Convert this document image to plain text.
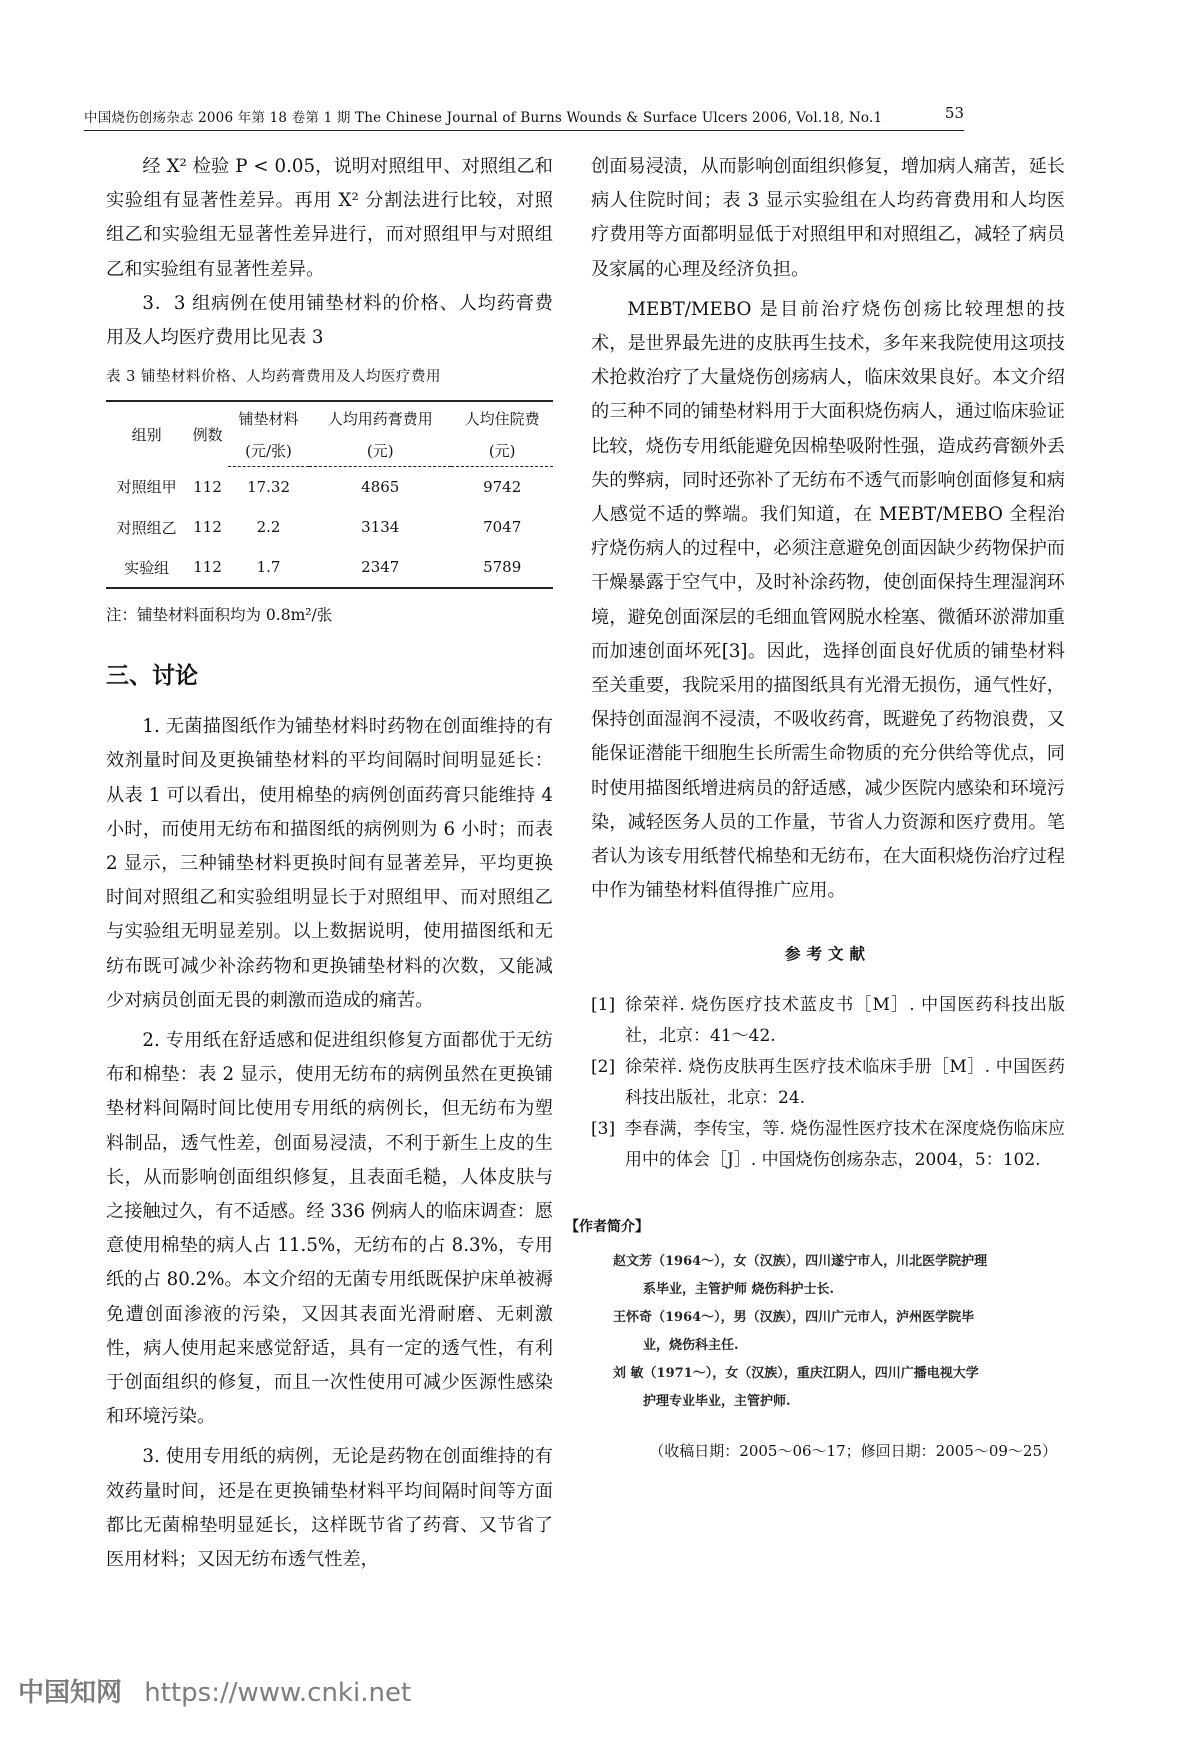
中国烧伤创疡杂志 2006 年第 18 卷第 1 期 The Chinese Journal of Burns Wounds & Surface Ulcers 2006, Vol.18, No.1	53

经 X² 检验 P < 0.05，说明对照组甲、对照组乙和实验组有显著性差异。再用 X² 分割法进行比较，对照组乙和实验组无显著性差异进行，而对照组甲与对照组乙和实验组有显著性差异。

3．3 组病例在使用铺垫材料的价格、人均药膏费用及人均医疗费用比见表 3

表 3 铺垫材料价格、人均药膏费用及人均医疗费用
组别	例数	铺垫材料	人均用药膏费用	人均住院费
		(元/张)	(元)	(元)
对照组甲	112	17.32	4865	9742
对照组乙	112	2.2	3134	7047
实验组	112	1.7	2347	5789
注：铺垫材料面积均为 0.8m²/张
三、讨论

1. 无菌描图纸作为铺垫材料时药物在创面维持的有效剂量时间及更换铺垫材料的平均间隔时间明显延长：从表 1 可以看出，使用棉垫的病例创面药膏只能维持 4 小时，而使用无纺布和描图纸的病例则为 6 小时；而表 2 显示，三种铺垫材料更换时间有显著差异，平均更换时间对照组乙和实验组明显长于对照组甲、而对照组乙与实验组无明显差别。以上数据说明，使用描图纸和无纺布既可减少补涂药物和更换铺垫材料的次数，又能减少对病员创面无畏的刺激而造成的痛苦。

2. 专用纸在舒适感和促进组织修复方面都优于无纺布和棉垫：表 2 显示，使用无纺布的病例虽然在更换铺垫材料间隔时间比使用专用纸的病例长，但无纺布为塑料制品，透气性差，创面易浸渍，不利于新生上皮的生长，从而影响创面组织修复，且表面毛糙，人体皮肤与之接触过久，有不适感。经 336 例病人的临床调查：愿意使用棉垫的病人占 11.5%，无纺布的占 8.3%，专用纸的占 80.2%。本文介绍的无菌专用纸既保护床单被褥免遭创面渗液的污染，又因其表面光滑耐磨、无刺激性，病人使用起来感觉舒适，具有一定的透气性，有利于创面组织的修复，而且一次性使用可减少医源性感染和环境污染。

3. 使用专用纸的病例，无论是药物在创面维持的有效药量时间，还是在更换铺垫材料平均间隔时间等方面都比无菌棉垫明显延长，这样既节省了药膏、又节省了医用材料；又因无纺布透气性差，

创面易浸渍，从而影响创面组织修复，增加病人痛苦，延长病人住院时间；表 3 显示实验组在人均药膏费用和人均医疗费用等方面都明显低于对照组甲和对照组乙，减轻了病员及家属的心理及经济负担。

MEBT/MEBO 是目前治疗烧伤创疡比较理想的技术，是世界最先进的皮肤再生技术，多年来我院使用这项技术抢救治疗了大量烧伤创疡病人，临床效果良好。本文介绍的三种不同的铺垫材料用于大面积烧伤病人，通过临床验证比较，烧伤专用纸能避免因棉垫吸附性强，造成药膏额外丢失的弊病，同时还弥补了无纺布不透气而影响创面修复和病人感觉不适的弊端。我们知道，在 MEBT/MEBO 全程治疗烧伤病人的过程中，必须注意避免创面因缺少药物保护而干燥暴露于空气中，及时补涂药物，使创面保持生理湿润环境，避免创面深层的毛细血管网脱水栓塞、微循环淤滞加重而加速创面坏死[3]。因此，选择创面良好优质的铺垫材料至关重要，我院采用的描图纸具有光滑无损伤，通气性好，保持创面湿润不浸渍，不吸收药膏，既避免了药物浪费，又能保证潜能干细胞生长所需生命物质的充分供给等优点，同时使用描图纸增进病员的舒适感，减少医院内感染和环境污染，减轻医务人员的工作量，节省人力资源和医疗费用。笔者认为该专用纸替代棉垫和无纺布，在大面积烧伤治疗过程中作为铺垫材料值得推广应用。

参考文献
[1] 徐荣祥. 烧伤医疗技术蓝皮书［M］. 中国医药科技出版社，北京：41～42.
[2] 徐荣祥. 烧伤皮肤再生医疗技术临床手册［M］. 中国医药科技出版社，北京：24.
[3] 李春满，李传宝，等. 烧伤湿性医疗技术在深度烧伤临床应用中的体会［J］. 中国烧伤创疡杂志，2004，5：102.
【作者简介】
赵文芳（1964～），女（汉族），四川遂宁市人，川北医学院护理
系毕业，主管护师 烧伤科护士长.
王怀奇（1964～），男（汉族），四川广元市人，泸州医学院毕
业，烧伤科主任.
刘 敏（1971～），女（汉族），重庆江阴人，四川广播电视大学
护理专业毕业，主管护师.
（收稿日期：2005～06～17；修回日期：2005～09～25）
中国知网 https://www.cnki.net
